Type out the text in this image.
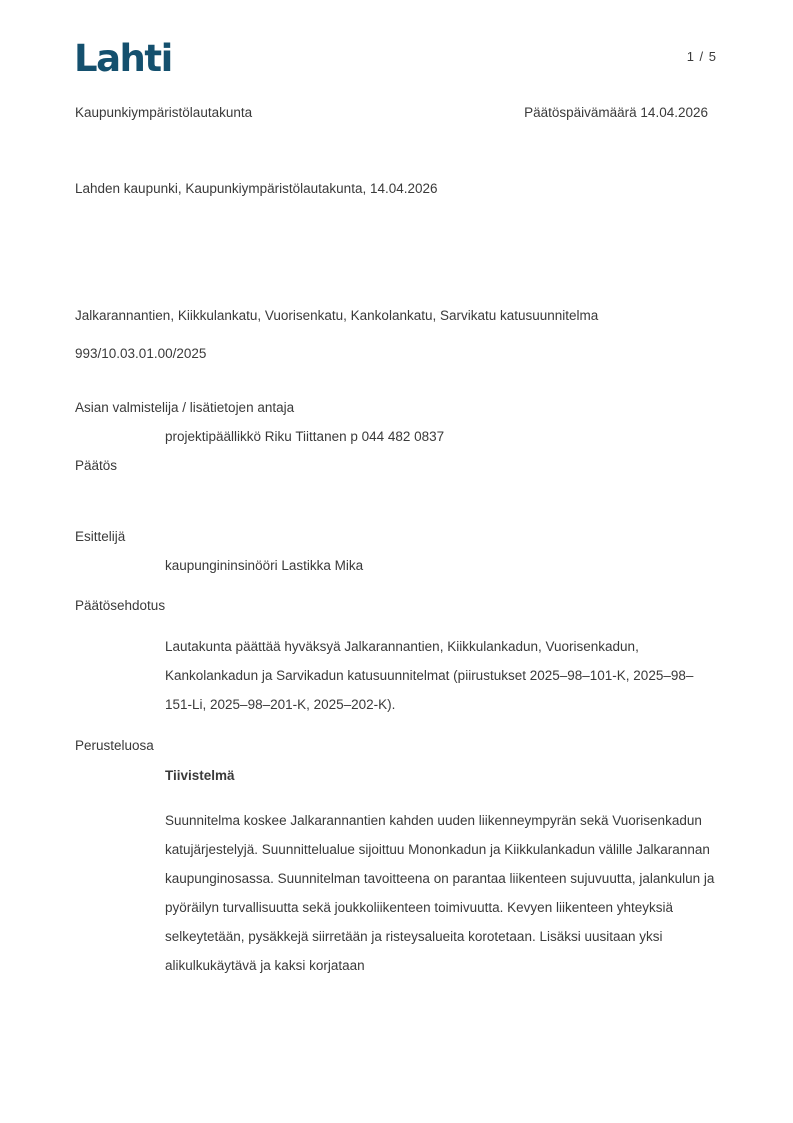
Lahti	1 / 5
Kaupunkiympäristölautakunta	Päätöspäivämäärä 14.04.2026
Lahden kaupunki, Kaupunkiympäristölautakunta, 14.04.2026
Jalkarannantien, Kiikkulankatu, Vuorisenkatu, Kankolankatu, Sarvikatu katusuunnitelma
993/10.03.01.00/2025
Asian valmistelija / lisätietojen antaja
projektipäällikkö Riku Tiittanen p 044 482 0837
Päätös
Esittelijä
kaupungininsinööri Lastikka Mika
Päätösehdotus
Lautakunta päättää hyväksyä Jalkarannantien, Kiikkulankadun, Vuorisenkadun, Kankolankadun ja Sarvikadun katusuunnitelmat (piirustukset 2025–98–101-K, 2025–98–151-Li, 2025–98–201-K, 2025–202-K).
Perusteluosa
Tiivistelmä
Suunnitelma koskee Jalkarannantien kahden uuden liikenneympyrän sekä Vuorisenkadun katujärjestelyjä. Suunnittelualue sijoittuu Mononkadun ja Kiikkulankadun välille Jalkarannan kaupunginosassa. Suunnitelman tavoitteena on parantaa liikenteen sujuvuutta, jalankulun ja pyöräilyn turvallisuutta sekä joukkoliikenteen toimivuutta. Kevyen liikenteen yhteyksiä selkeytetään, pysäkkejä siirretään ja risteysalueita korotetaan. Lisäksi uusitaan yksi alikulkukäytävä ja kaksi korjataan
